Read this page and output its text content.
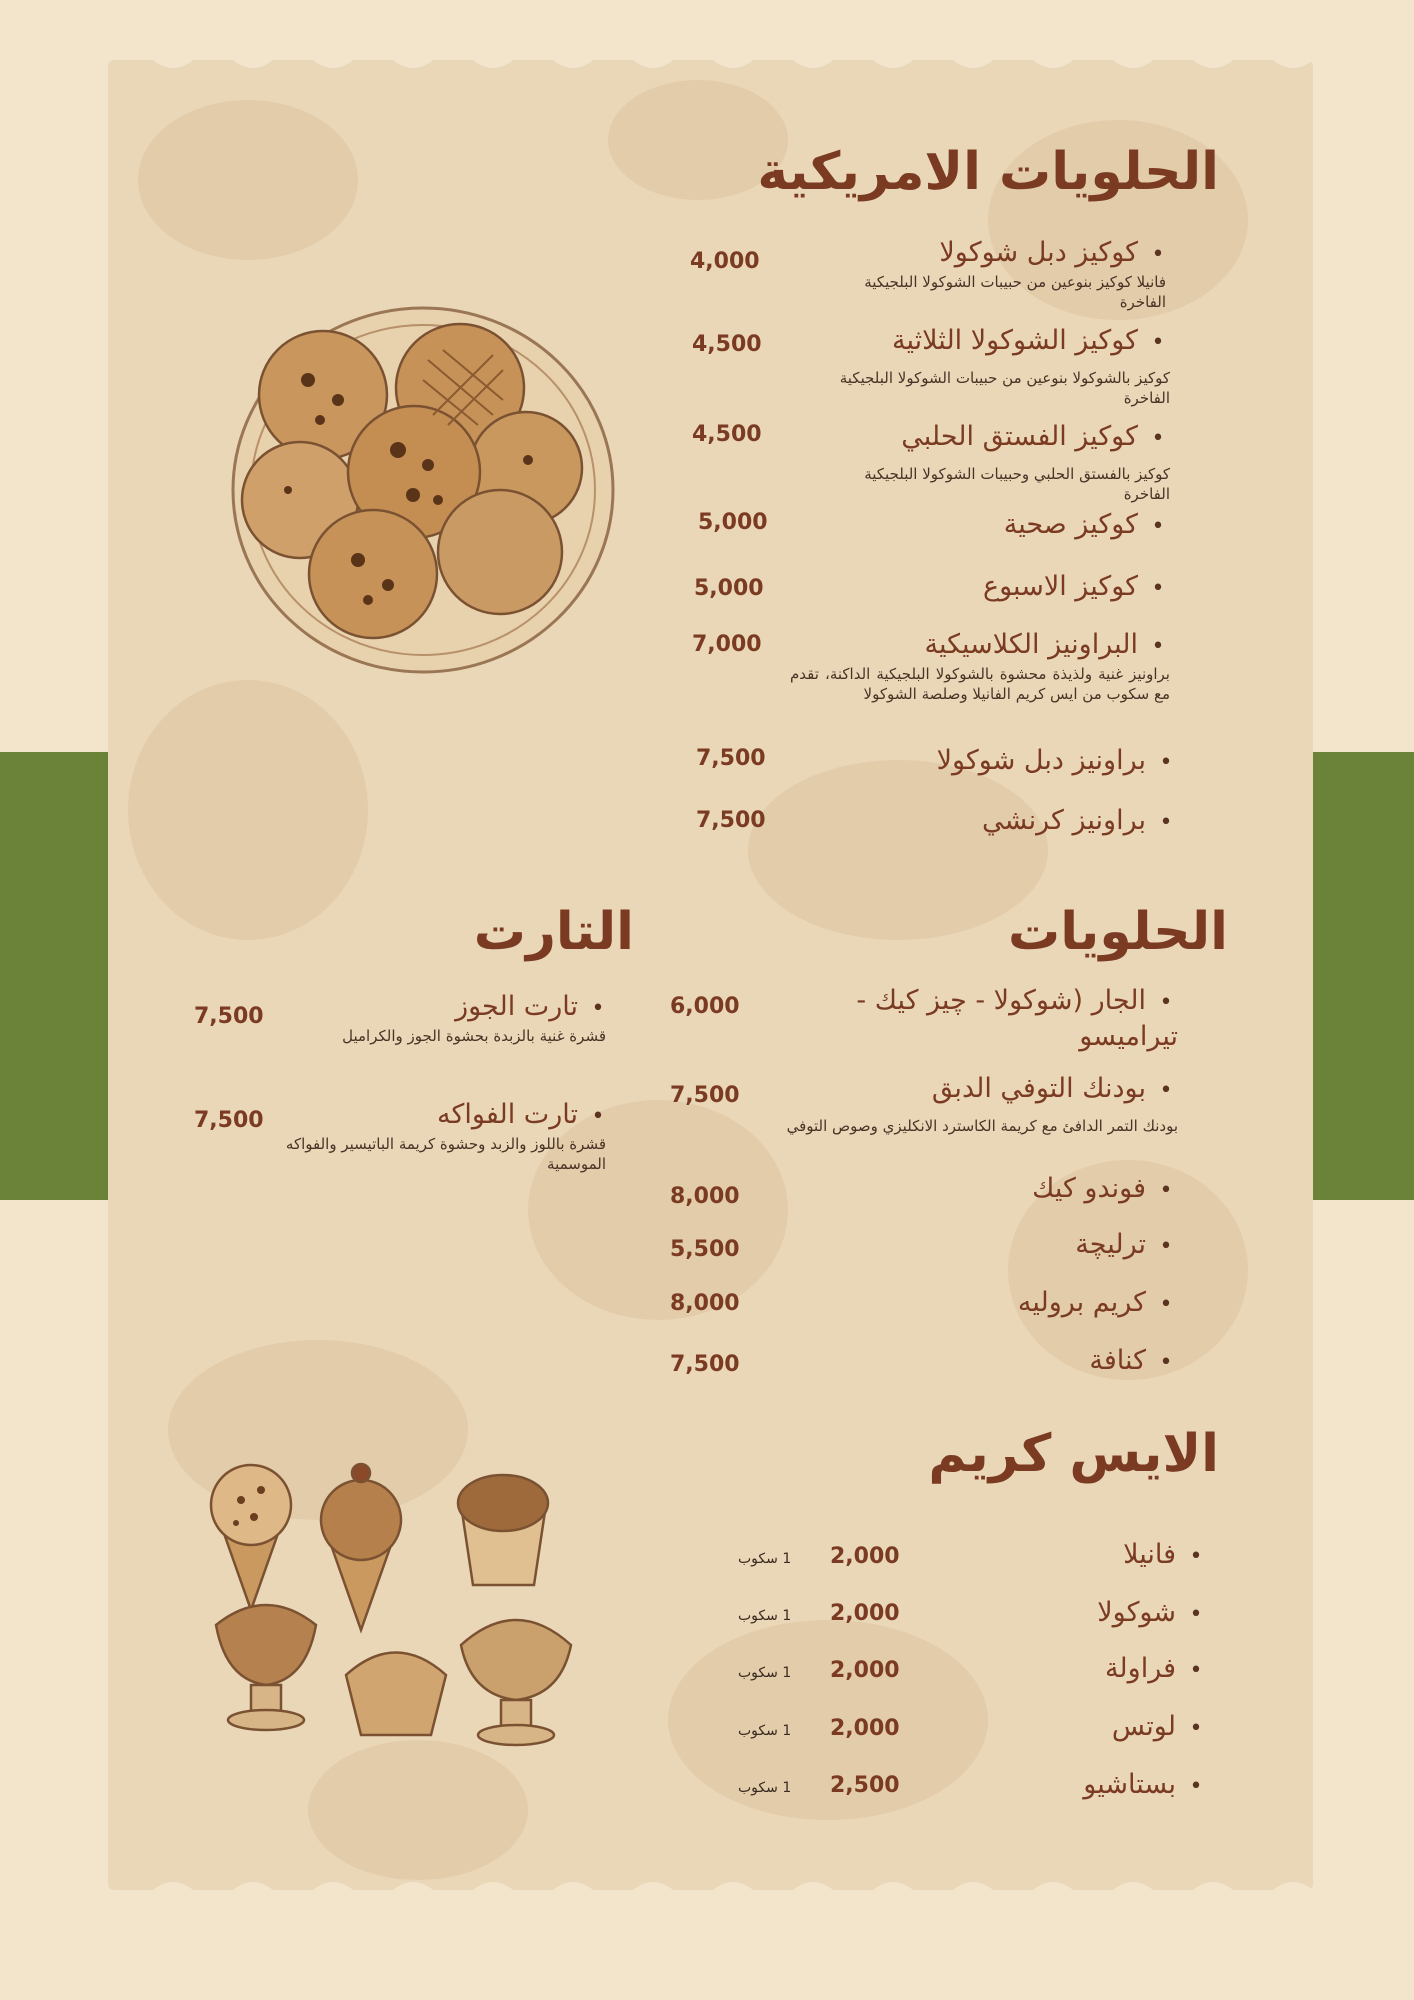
الحلويات الامريكية
• كوكيز دبل شوكولا
فانيلا كوكيز بنوعين من حبيبات الشوكولا البلجيكية الفاخرة
4,000
• كوكيز الشوكولا الثلاثية
كوكيز بالشوكولا بنوعين من حبيبات الشوكولا البلجيكية الفاخرة
4,500
• كوكيز الفستق الحلبي
كوكيز بالفستق الحلبي وحبيبات الشوكولا البلجيكية الفاخرة
4,500
• كوكيز صحية
5,000
• كوكيز الاسبوع
5,000
• البراونيز الكلاسيكية
براونيز غنية ولذيذة محشوة بالشوكولا البلجيكية الداكنة، تقدم مع سكوب من ايس كريم الفانيلا وصلصة الشوكولا
7,000
• براونيز دبل شوكولا
7,500
• براونيز كرنشي
7,500
الحلويات
• الجار (شوكولا - چيز كيك - تيراميسو
6,000
• بودنك التوفي الدبق
بودنك التمر الدافئ مع كريمة الكاسترد الانكليزي وصوص التوفي
7,500
• فوندو كيك
8,000
• ترليچة
5,500
• كريم بروليه
8,000
• كنافة
7,500
التارت
• تارت الجوز
قشرة غنية بالزبدة بحشوة الجوز والكراميل
7,500
• تارت الفواكه
قشرة باللوز والزبد وحشوة كريمة الباتيسير والفواكه الموسمية
7,500
الايس كريم
• فانيلا
2,000
1 سكوب
• شوكولا
2,000
1 سكوب
• فراولة
2,000
1 سكوب
• لوتس
2,000
1 سكوب
• بستاشيو
2,500
1 سكوب
